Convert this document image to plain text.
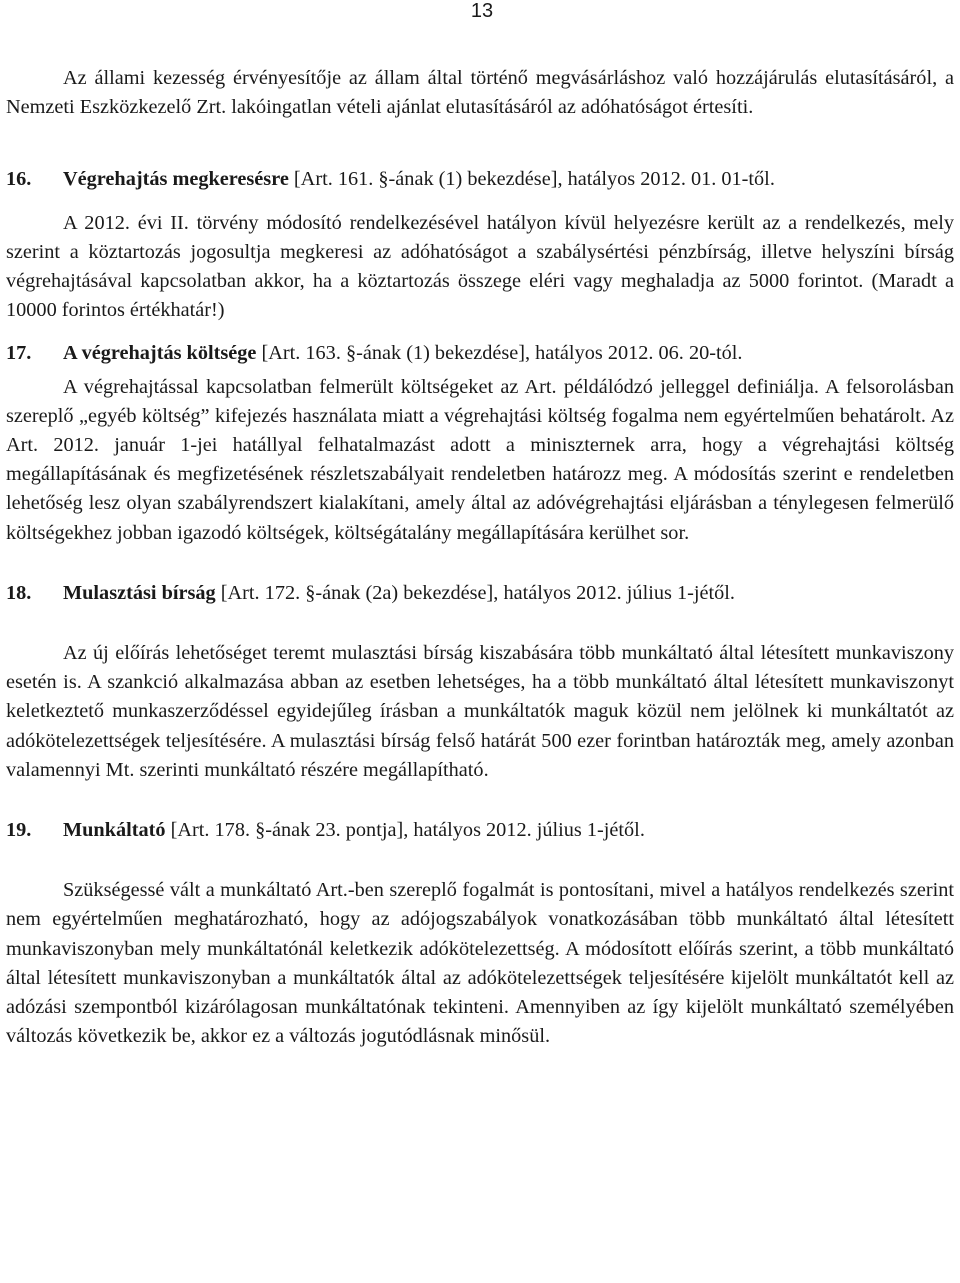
13

Az állami kezesség érvényesítője az állam által történő megvásárláshoz való hozzájárulás elutasításáról, a Nemzeti Eszközkezelő Zrt. lakóingatlan vételi ajánlat elutasításáról az adóhatóságot értesíti.

16.	Végrehajtás megkeresésre [Art. 161. §-ának (1) bekezdése], hatályos 2012. 01. 01-től.

A 2012. évi II. törvény módosító rendelkezésével hatályon kívül helyezésre került az a rendelkezés, mely szerint a köztartozás jogosultja megkeresi az adóhatóságot a szabálysértési pénzbírság, illetve helyszíni bírság végrehajtásával kapcsolatban akkor, ha a köztartozás összege eléri vagy meghaladja az 5000 forintot. (Maradt a 10000 forintos értékhatár!)

17.	A végrehajtás költsége [Art. 163. §-ának (1) bekezdése], hatályos 2012. 06. 20-tól.

A végrehajtással kapcsolatban felmerült költségeket az Art. példálódzó jelleggel definiálja. A felsorolásban szereplő „egyéb költség” kifejezés használata miatt a végrehajtási költség fogalma nem egyértelműen behatárolt. Az Art. 2012. január 1-jei hatállyal felhatalmazást adott a miniszternek arra, hogy a végrehajtási költség megállapításának és megfizetésének részletszabályait rendeletben határozz meg. A módosítás szerint e rendeletben lehetőség lesz olyan szabályrendszert kialakítani, amely által az adóvégrehajtási eljárásban a ténylegesen felmerülő költségekhez jobban igazodó költségek, költségátalány megállapítására kerülhet sor.

18.	Mulasztási bírság [Art. 172. §-ának (2a) bekezdése], hatályos 2012. július 1-jétől.

Az új előírás lehetőséget teremt mulasztási bírság kiszabására több munkáltató által létesített munkaviszony esetén is. A szankció alkalmazása abban az esetben lehetséges, ha a több munkáltató által létesített munkaviszonyt keletkeztető munkaszerződéssel egyidejűleg írásban a munkáltatók maguk közül nem jelölnek ki munkáltatót az adókötelezettségek teljesítésére. A mulasztási bírság felső határát 500 ezer forintban határozták meg, amely azonban valamennyi Mt. szerinti munkáltató részére megállapítható.

19.	Munkáltató [Art. 178. §-ának 23. pontja], hatályos 2012. július 1-jétől.

Szükségessé vált a munkáltató Art.-ben szereplő fogalmát is pontosítani, mivel a hatályos rendelkezés szerint nem egyértelműen meghatározható, hogy az adójogszabályok vonatkozásában több munkáltató által létesített munkaviszonyban mely munkáltatónál keletkezik adókötelezettség. A módosított előírás szerint, a több munkáltató által létesített munkaviszonyban a munkáltatók által az adókötelezettségek teljesítésére kijelölt munkáltatót kell az adózási szempontból kizárólagosan munkáltatónak tekinteni. Amennyiben az így kijelölt munkáltató személyében változás következik be, akkor ez a változás jogutódlásnak minősül.
